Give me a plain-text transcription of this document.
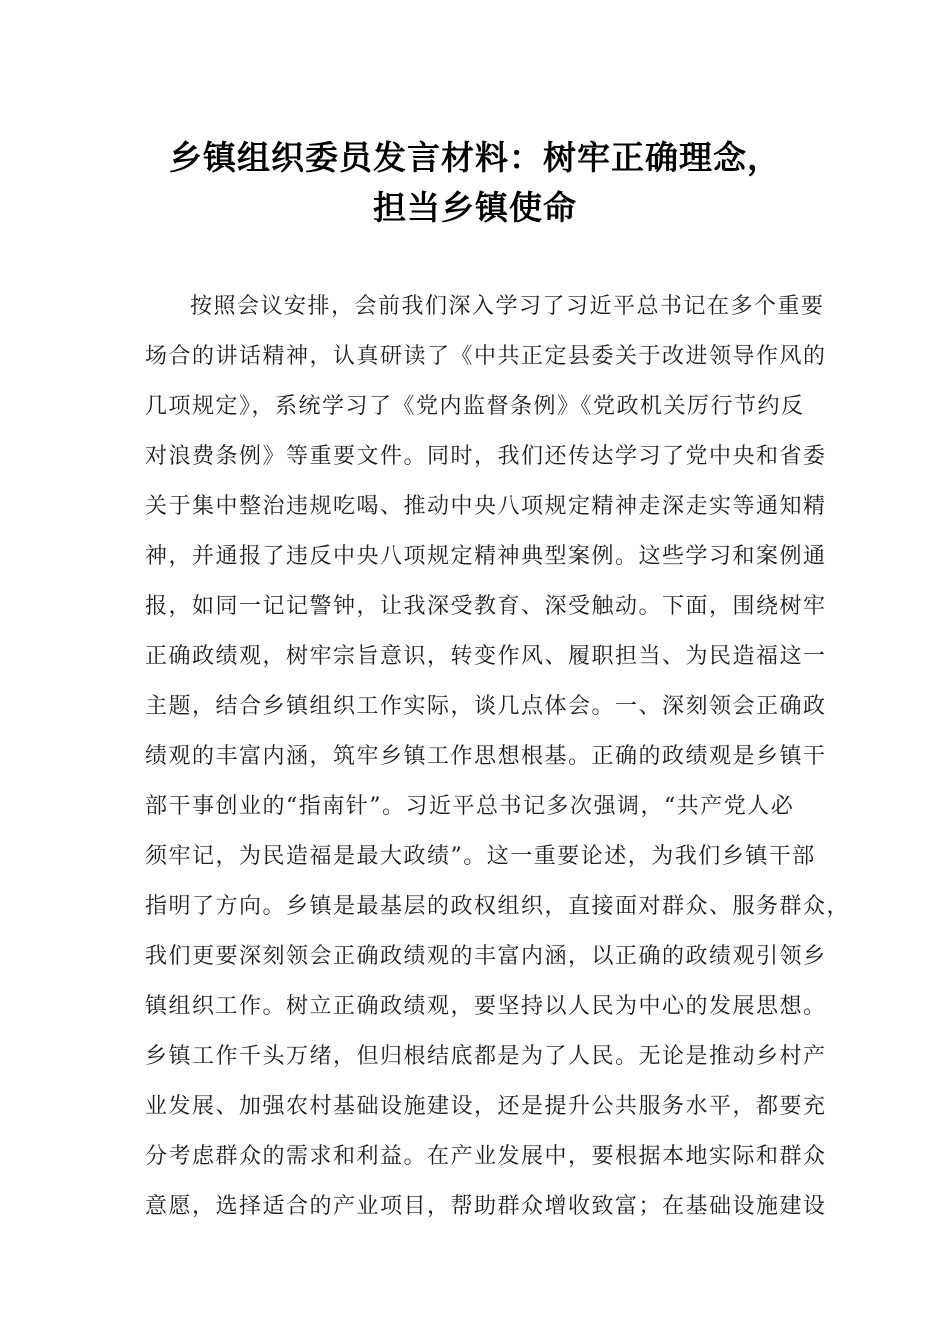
乡镇组织委员发言材料：树牢正确理念，
担当乡镇使命
按照会议安排，会前我们深入学习了习近平总书记在多个重要
场合的讲话精神，认真研读了《中共正定县委关于改进领导作风的
几项规定》，系统学习了《党内监督条例》《党政机关厉行节约反
对浪费条例》等重要文件。同时，我们还传达学习了党中央和省委
关于集中整治违规吃喝、推动中央八项规定精神走深走实等通知精
神，并通报了违反中央八项规定精神典型案例。这些学习和案例通
报，如同一记记警钟，让我深受教育、深受触动。下面，围绕树牢
正确政绩观，树牢宗旨意识，转变作风、履职担当、为民造福这一
主题，结合乡镇组织工作实际，谈几点体会。一、深刻领会正确政
绩观的丰富内涵，筑牢乡镇工作思想根基。正确的政绩观是乡镇干
部干事创业的“指南针”。习近平总书记多次强调，“共产党人必
须牢记，为民造福是最大政绩”。这一重要论述，为我们乡镇干部
指明了方向。乡镇是最基层的政权组织，直接面对群众、服务群众，
我们更要深刻领会正确政绩观的丰富内涵，以正确的政绩观引领乡
镇组织工作。树立正确政绩观，要坚持以人民为中心的发展思想。
乡镇工作千头万绪，但归根结底都是为了人民。无论是推动乡村产
业发展、加强农村基础设施建设，还是提升公共服务水平，都要充
分考虑群众的需求和利益。在产业发展中，要根据本地实际和群众
意愿，选择适合的产业项目，帮助群众增收致富；在基础设施建设
